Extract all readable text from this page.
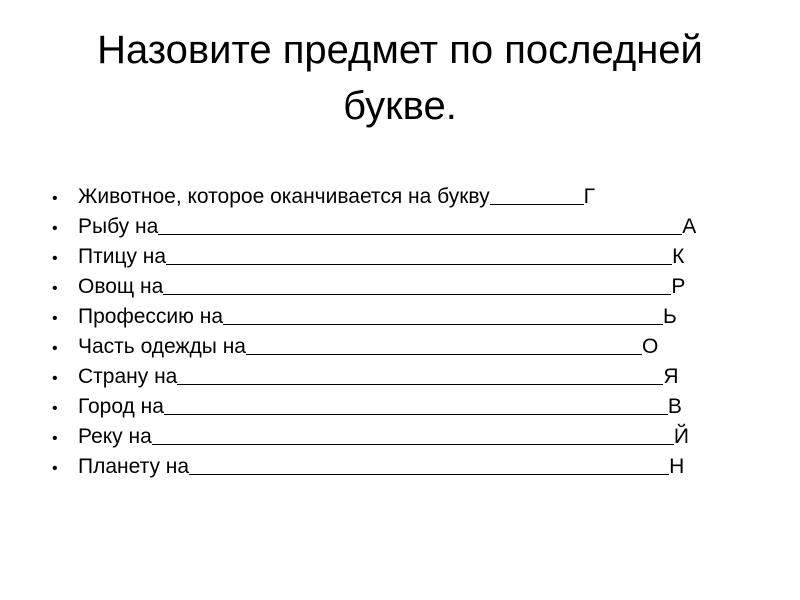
Назовите предмет по последней букве.
• Животное, которое оканчивается на букву	Г
• Рыбу на	А
• Птицу на	К
• Овощ на	Р
• Профессию на	Ь
• Часть одежды на	О
• Страну на	Я
• Город на	В
• Реку на	Й
• Планету на	Н
